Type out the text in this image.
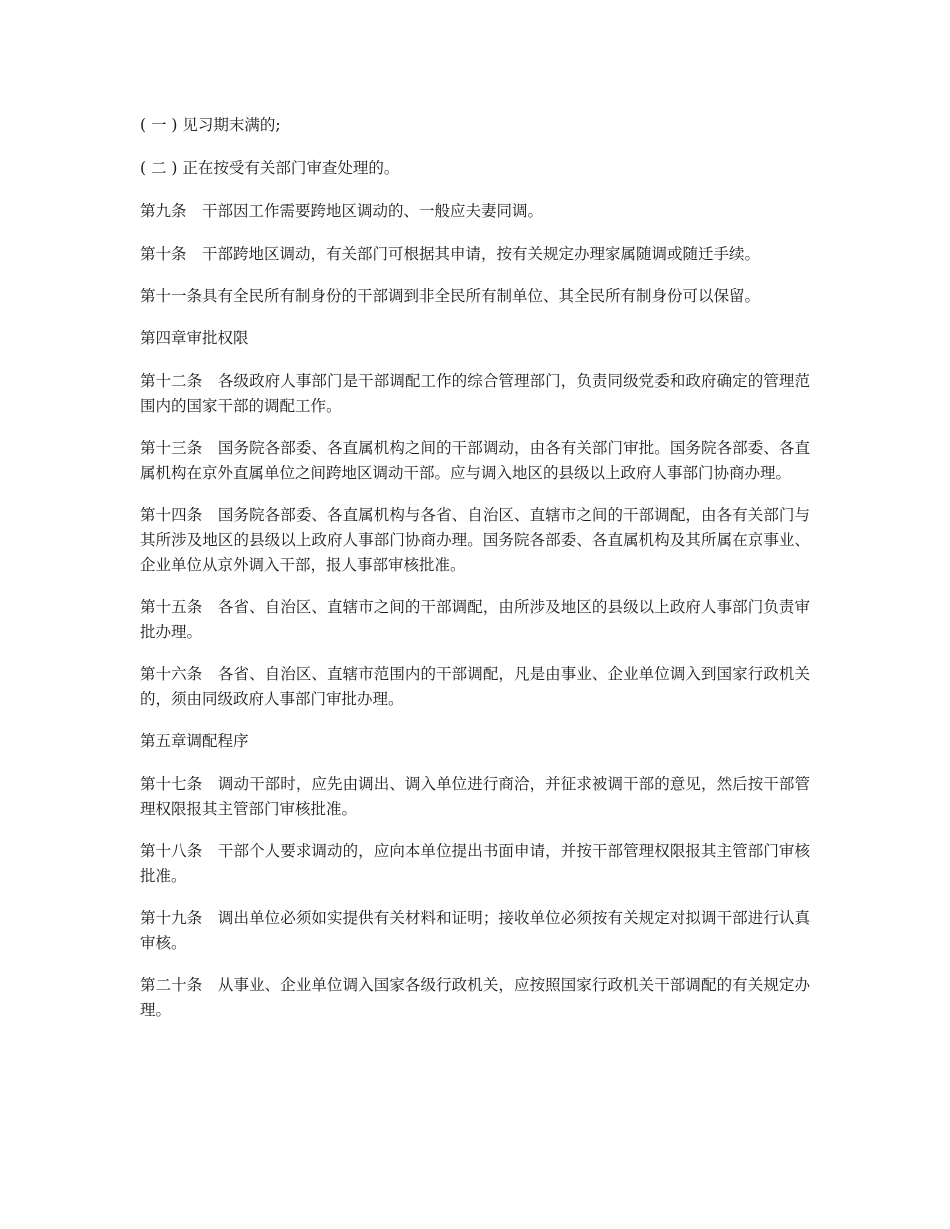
( 一 ) 见习期末满的;

( 二 ) 正在按受有关部门审查处理的。

第九条　干部因工作需要跨地区调动的、一般应夫妻同调。

第十条　干部跨地区调动，有关部门可根据其申请，按有关规定办理家属随调或随迁手续。

第十一条具有全民所有制身份的干部调到非全民所有制单位、其全民所有制身份可以保留。

第四章审批权限

第十二条　各级政府人事部门是干部调配工作的综合管理部门，负责同级党委和政府确定的管理范围内的国家干部的调配工作。

第十三条　国务院各部委、各直属机构之间的干部调动，由各有关部门审批。国务院各部委、各直属机构在京外直属单位之间跨地区调动干部。应与调入地区的县级以上政府人事部门协商办理。

第十四条　国务院各部委、各直属机构与各省、自治区、直辖市之间的干部调配，由各有关部门与其所涉及地区的县级以上政府人事部门协商办理。国务院各部委、各直属机构及其所属在京事业、企业单位从京外调入干部，报人事部审核批准。

第十五条　各省、自治区、直辖市之间的干部调配，由所涉及地区的县级以上政府人事部门负责审批办理。

第十六条　各省、自治区、直辖市范围内的干部调配，凡是由事业、企业单位调入到国家行政机关的，须由同级政府人事部门审批办理。

第五章调配程序

第十七条　调动干部时，应先由调出、调入单位进行商洽，并征求被调干部的意见，然后按干部管理权限报其主管部门审核批准。

第十八条　干部个人要求调动的，应向本单位提出书面申请，并按干部管理权限报其主管部门审核批准。

第十九条　调出单位必须如实提供有关材料和证明；接收单位必须按有关规定对拟调干部进行认真审核。

第二十条　从事业、企业单位调入国家各级行政机关，应按照国家行政机关干部调配的有关规定办理。
